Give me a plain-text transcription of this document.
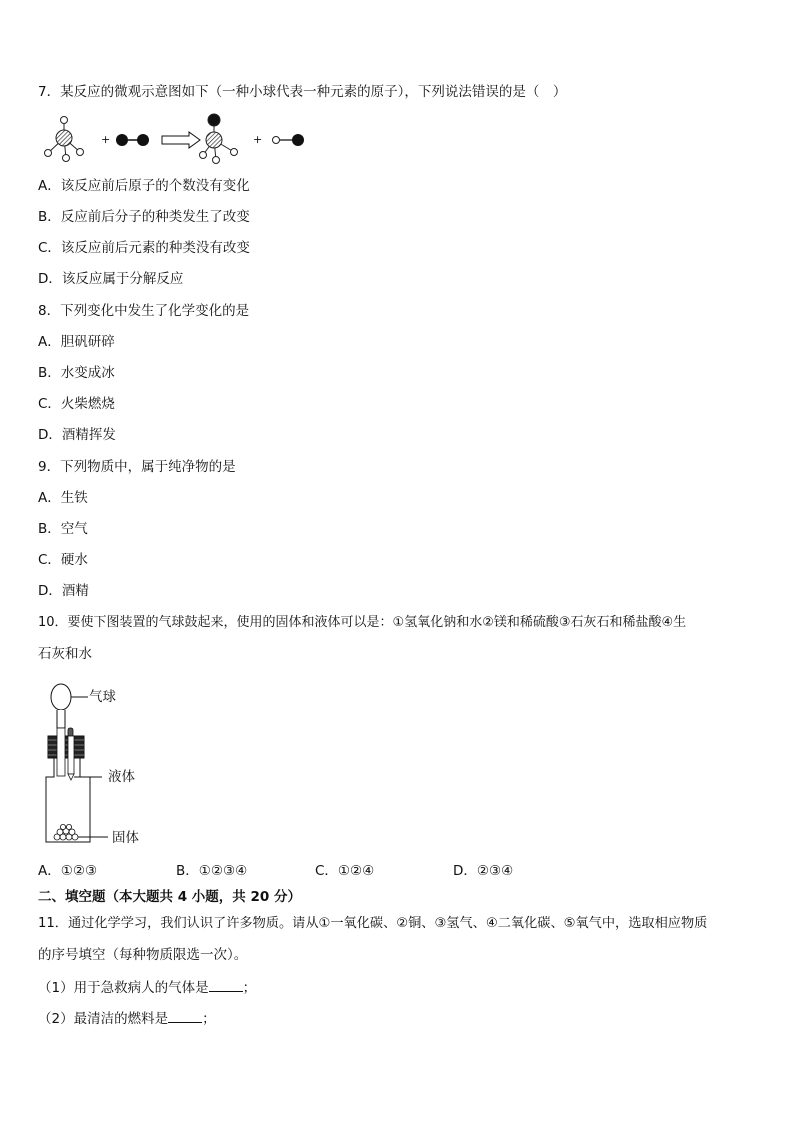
7．某反应的微观示意图如下（一种小球代表一种元素的原子），下列说法错误的是（　）
+	+
A．该反应前后原子的个数没有变化
B．反应前后分子的种类发生了改变
C．该反应前后元素的种类没有改变
D．该反应属于分解反应
8．下列变化中发生了化学变化的是
A．胆矾研碎
B．水变成冰
C．火柴燃烧
D．酒精挥发
9．下列物质中，属于纯净物的是
A．生铁
B．空气
C．硬水
D．酒精
10．要使下图装置的气球鼓起来，使用的固体和液体可以是：①氢氧化钠和水②镁和稀硫酸③石灰石和稀盐酸④生
石灰和水
气球
液体
固体
A．①②③	B．①②③④	C．①②④	D．②③④
二、填空题（本大题共 4 小题，共 20 分）
11．通过化学学习，我们认识了许多物质。请从①一氧化碳、②铜、③氢气、④二氧化碳、⑤氧气中，选取相应物质
的序号填空（每种物质限选一次）。
（1）用于急救病人的气体是	；
（2）最清洁的燃料是	；
